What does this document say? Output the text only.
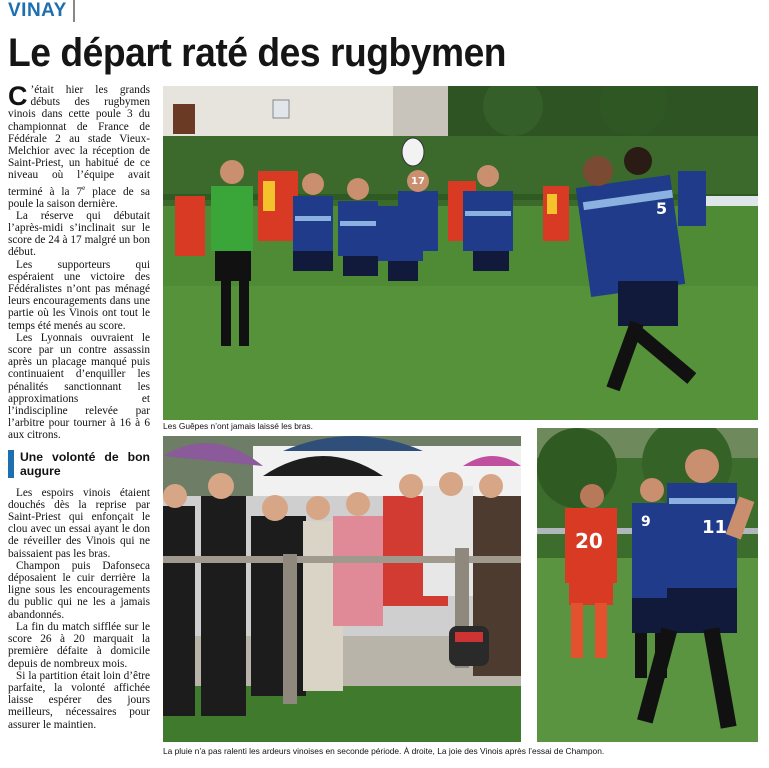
VINAY
Le départ raté des rugbymen

C ’était hier les grands débuts des rugbymen vinois dans cette poule 3 du championnat de France de Fédérale 2 au stade Vieux-Melchior avec la réception de Saint-Priest, un habitué de ce niveau où l’équipe avait terminé à la 7e place de sa poule la saison dernière.

La réserve qui débutait l’après-midi s’inclinait sur le score de 24 à 17 malgré un bon début.

Les supporteurs qui espéraient une victoire des Fédéralistes n’ont pas ménagé leurs encouragements dans une partie où les Vinois ont tout le temps été menés au score.

Les Lyonnais ouvraient le score par un contre assassin après un placage manqué puis continuaient d’enquiller les pénalités sanctionnant les approximations et l’indiscipline relevée par l’arbitre pour tourner à 16 à 6 aux citrons.

Une volonté de bon augure

Les espoirs vinois étaient douchés dès la reprise par Saint-Priest qui enfonçait le clou avec un essai ayant le don de réveiller des Vinois qui ne baissaient pas les bras.

Champon puis Dafonseca déposaient le cuir derrière la ligne sous les encouragements du public qui ne les a jamais abandonnés.

La fin du match sifflée sur le score 26 à 20 marquait la première défaite à domicile depuis de nombreux mois.

Si la partition était loin d’être parfaite, la volonté affichée laisse espérer des jours meilleurs, nécessaires pour assurer le maintien.

5
17
Les Guêpes n’ont jamais laissé les bras.
20
9	11
La pluie n’a pas ralenti les ardeurs vinoises en seconde période. À droite, La joie des Vinois après l’essai de Champon.
